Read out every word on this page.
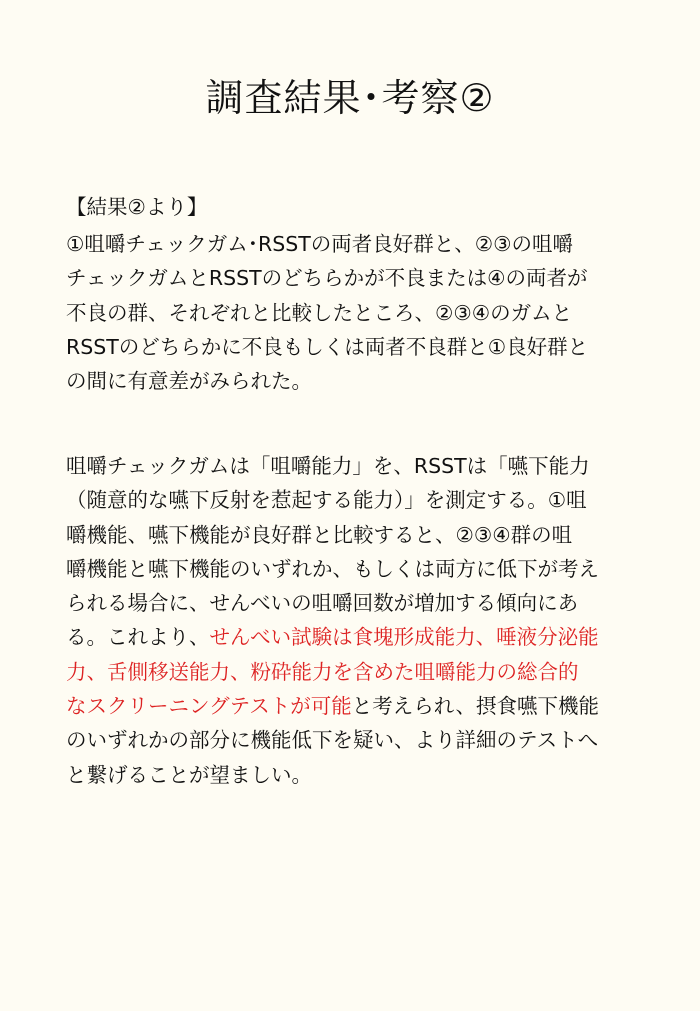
調査結果･考察②

【結果②より】

①咀嚼チェックガム･RSSTの両者良好群と、②③の咀嚼
チェックガムとRSSTのどちらかが不良または④の両者が
不良の群、それぞれと比較したところ、②③④のガムと
RSSTのどちらかに不良もしくは両者不良群と①良好群と
の間に有意差がみられた。
咀嚼チェックガムは「咀嚼能力」を、RSSTは「嚥下能力
（随意的な嚥下反射を惹起する能力）」を測定する。①咀
嚼機能、嚥下機能が良好群と比較すると、②③④群の咀
嚼機能と嚥下機能のいずれか、もしくは両方に低下が考え
られる場合に、せんべいの咀嚼回数が増加する傾向にあ
る。これより、せんべい試験は食塊形成能力、唾液分泌能
力、舌側移送能力、粉砕能力を含めた咀嚼能力の総合的
なスクリーニングテストが可能と考えられ、摂食嚥下機能
のいずれかの部分に機能低下を疑い、より詳細のテストへ
と繋げることが望ましい。
